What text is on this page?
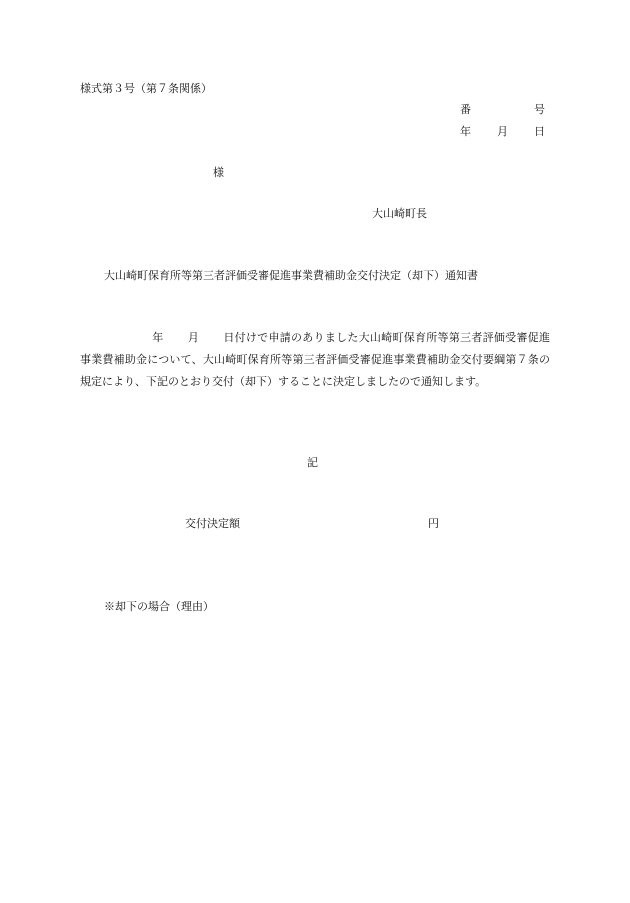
様式第３号（第７条関係）
番	号
年 月 日
様
大山崎町長
大山崎町保育所等第三者評価受審促進事業費補助金交付決定（却下）通知書
年 月 日付けで申請のありました大山崎町保育所等第三者評価受審促進事業費補助金について、大山崎町保育所等第三者評価受審促進事業費補助金交付要綱第７条の規定により、下記のとおり交付（却下）することに決定しましたので通知します。
記
交付決定額	円
※却下の場合（理由）
